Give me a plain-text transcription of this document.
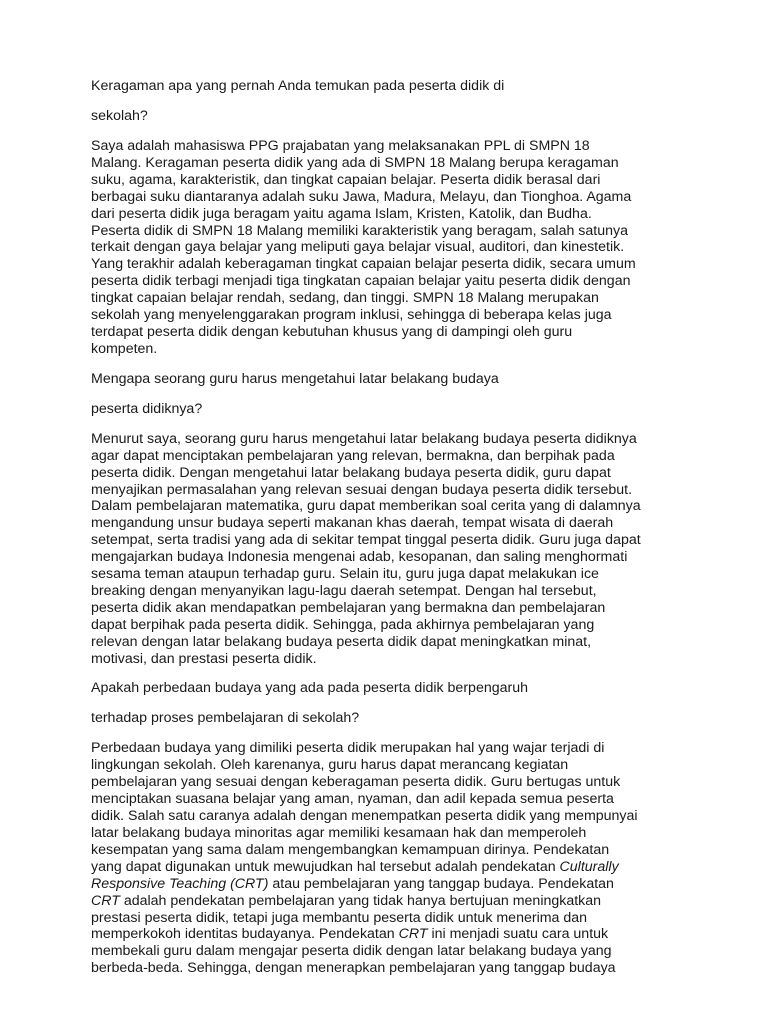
Keragaman apa yang pernah Anda temukan pada peserta didik di

sekolah?

Saya adalah mahasiswa PPG prajabatan yang melaksanakan PPL di SMPN 18
Malang. Keragaman peserta didik yang ada di SMPN 18 Malang berupa keragaman
suku, agama, karakteristik, dan tingkat capaian belajar. Peserta didik berasal dari
berbagai suku diantaranya adalah suku Jawa, Madura, Melayu, dan Tionghoa. Agama
dari peserta didik juga beragam yaitu agama Islam, Kristen, Katolik, dan Budha.
Peserta didik di SMPN 18 Malang memiliki karakteristik yang beragam, salah satunya
terkait dengan gaya belajar yang meliputi gaya belajar visual, auditori, dan kinestetik.
Yang terakhir adalah keberagaman tingkat capaian belajar peserta didik, secara umum
peserta didik terbagi menjadi tiga tingkatan capaian belajar yaitu peserta didik dengan
tingkat capaian belajar rendah, sedang, dan tinggi. SMPN 18 Malang merupakan
sekolah yang menyelenggarakan program inklusi, sehingga di beberapa kelas juga
terdapat peserta didik dengan kebutuhan khusus yang di dampingi oleh guru
kompeten.

Mengapa seorang guru harus mengetahui latar belakang budaya

peserta didiknya?

Menurut saya, seorang guru harus mengetahui latar belakang budaya peserta didiknya
agar dapat menciptakan pembelajaran yang relevan, bermakna, dan berpihak pada
peserta didik. Dengan mengetahui latar belakang budaya peserta didik, guru dapat
menyajikan permasalahan yang relevan sesuai dengan budaya peserta didik tersebut.
Dalam pembelajaran matematika, guru dapat memberikan soal cerita yang di dalamnya
mengandung unsur budaya seperti makanan khas daerah, tempat wisata di daerah
setempat, serta tradisi yang ada di sekitar tempat tinggal peserta didik. Guru juga dapat
mengajarkan budaya Indonesia mengenai adab, kesopanan, dan saling menghormati
sesama teman ataupun terhadap guru. Selain itu, guru juga dapat melakukan ice
breaking dengan menyanyikan lagu-lagu daerah setempat. Dengan hal tersebut,
peserta didik akan mendapatkan pembelajaran yang bermakna dan pembelajaran
dapat berpihak pada peserta didik. Sehingga, pada akhirnya pembelajaran yang
relevan dengan latar belakang budaya peserta didik dapat meningkatkan minat,
motivasi, dan prestasi peserta didik.

Apakah perbedaan budaya yang ada pada peserta didik berpengaruh

terhadap proses pembelajaran di sekolah?

Perbedaan budaya yang dimiliki peserta didik merupakan hal yang wajar terjadi di
lingkungan sekolah. Oleh karenanya, guru harus dapat merancang kegiatan
pembelajaran yang sesuai dengan keberagaman peserta didik. Guru bertugas untuk
menciptakan suasana belajar yang aman, nyaman, dan adil kepada semua peserta
didik. Salah satu caranya adalah dengan menempatkan peserta didik yang mempunyai
latar belakang budaya minoritas agar memiliki kesamaan hak dan memperoleh
kesempatan yang sama dalam mengembangkan kemampuan dirinya. Pendekatan
yang dapat digunakan untuk mewujudkan hal tersebut adalah pendekatan Culturally
Responsive Teaching (CRT) atau pembelajaran yang tanggap budaya. Pendekatan
CRT adalah pendekatan pembelajaran yang tidak hanya bertujuan meningkatkan
prestasi peserta didik, tetapi juga membantu peserta didik untuk menerima dan
memperkokoh identitas budayanya. Pendekatan CRT ini menjadi suatu cara untuk
membekali guru dalam mengajar peserta didik dengan latar belakang budaya yang
berbeda-beda. Sehingga, dengan menerapkan pembelajaran yang tanggap budaya
